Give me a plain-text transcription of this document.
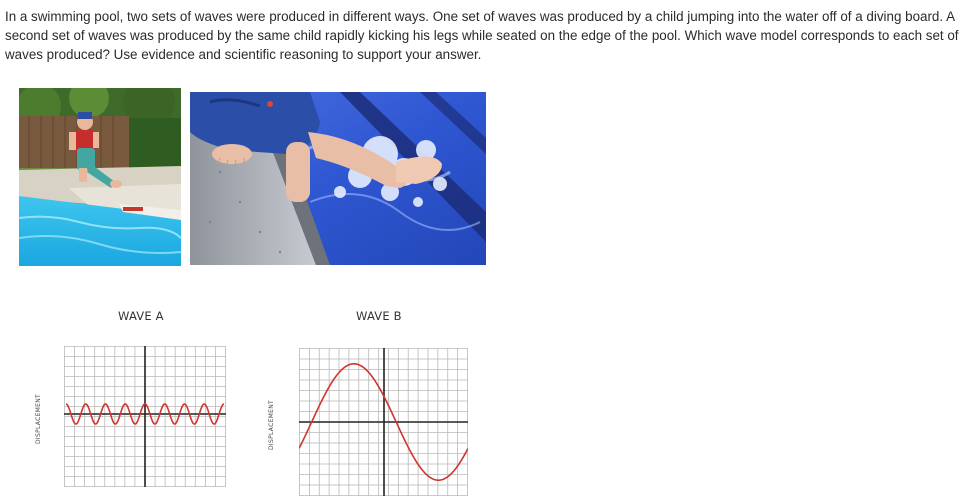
In a swimming pool, two sets of waves were produced in different ways. One set of waves was produced by a child jumping into the water off of a diving board. A second set of waves was produced by the same child rapidly kicking his legs while seated on the edge of the pool. Which wave model corresponds to each set of waves produced? Use evidence and scientific reasoning to support your answer.

WAVE A
DISPLACEMENT
WAVE B
DISPLACEMENT
